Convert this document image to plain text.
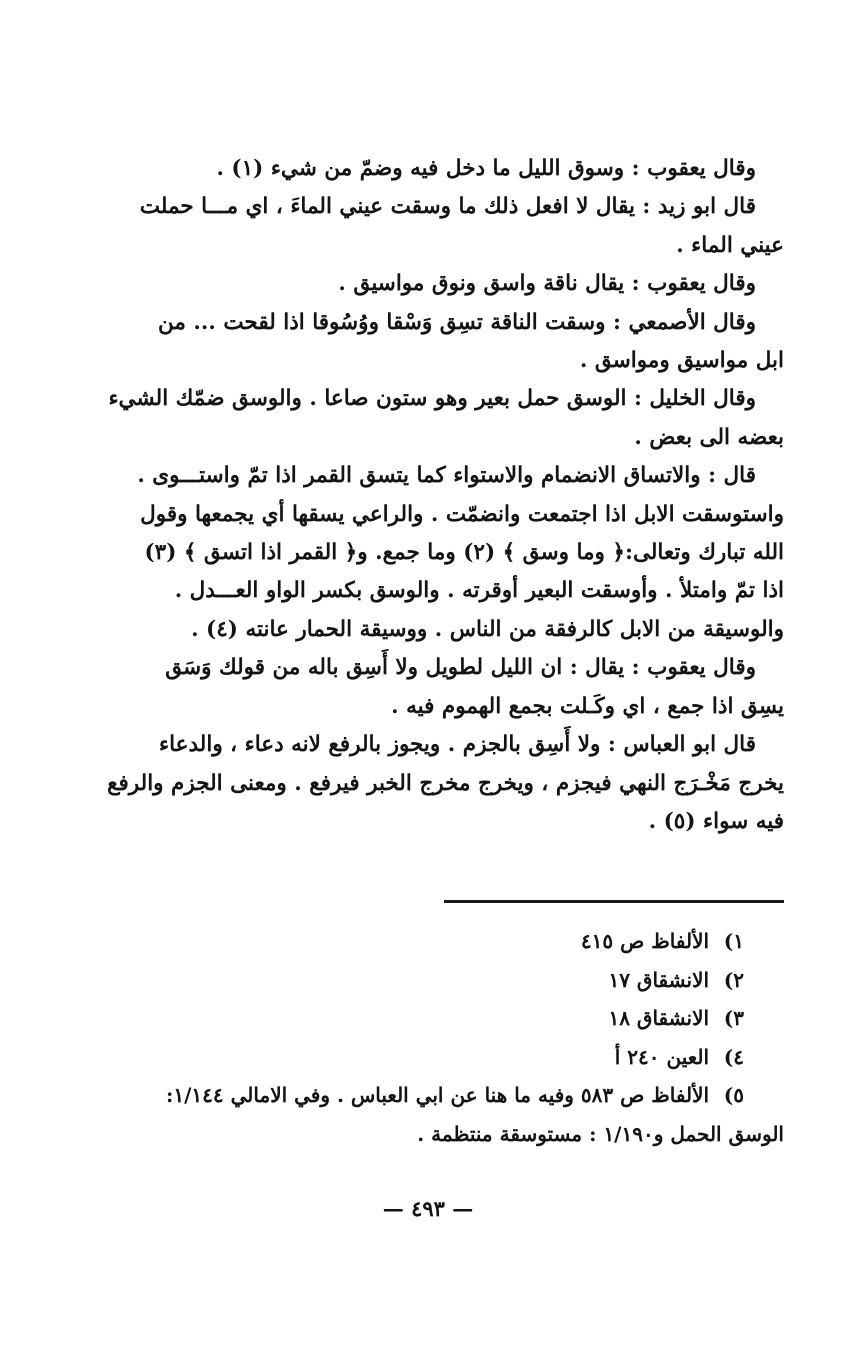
وقال يعقوب : وسوق الليل ما دخل فيه وضمّ من شيء (١) .
قال ابو زيد : يقال لا افعل ذلك ما وسقت عيني الماءَ ، اي مـــا حملت
عيني الماء .
وقال يعقوب : يقال ناقة واسق ونوق مواسيق .
وقال الأصمعي : وسقت الناقة تسِق وَسْقا ووُسُوقا اذا لقحت ... من
ابل مواسيق ومواسق .
وقال الخليل : الوسق حمل بعير وهو ستون صاعا . والوسق ضمّك الشيء
بعضه الى بعض .
قال : والاتساق الانضمام والاستواء كما يتسق القمر اذا تمّ واستـــوى .
واستوسقت الابل اذا اجتمعت وانضمّت . والراعي يسقها أي يجمعها وقول
الله تبارك وتعالى:﴿ وما وسق ﴾ (٢) وما جمع. و﴿ القمر اذا اتسق ﴾ (٣)
اذا تمّ وامتلأ . وأوسقت البعير أوقرته . والوسق بكسر الواو العـــدل .
والوسيقة من الابل كالرفقة من الناس . ووسيقة الحمار عانته (٤) .
وقال يعقوب : يقال : ان الليل لطويل ولا أَسِق باله من قولك وَسَق
يسِق اذا جمع ، اي وكَـلت بجمع الهموم فيه .
قال ابو العباس : ولا أَسِق بالجزم . ويجوز بالرفع لانه دعاء ، والدعاء
يخرج مَخْـرَج النهي فيجزم ، ويخرج مخرج الخبر فيرفع . ومعنى الجزم والرفع
فيه سواء (٥) .
١) الألفاظ ص ٤١٥
٢) الانشقاق ١٧
٣) الانشقاق ١٨
٤) العين ٢٤٠ أ
٥) الألفاظ ص ٥٨٣ وفيه ما هنا عن ابي العباس . وفي الامالي ١/١٤٤:
الوسق الحمل و١/١٩٠ : مستوسقة منتظمة .
— ٤٩٣ —
